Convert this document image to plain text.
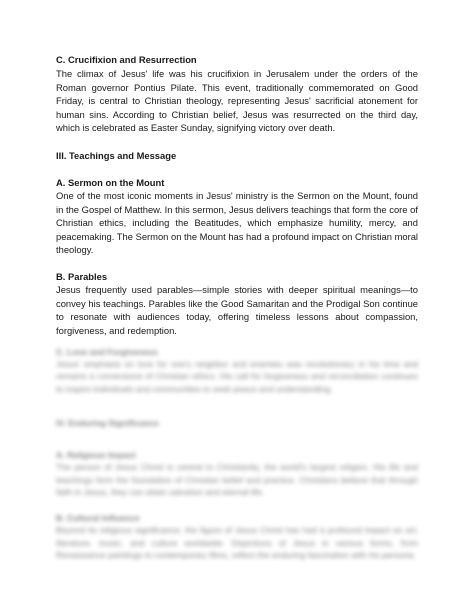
C. Crucifixion and Resurrection

The climax of Jesus' life was his crucifixion in Jerusalem under the orders of the Roman governor Pontius Pilate. This event, traditionally commemorated on Good Friday, is central to Christian theology, representing Jesus' sacrificial atonement for human sins. According to Christian belief, Jesus was resurrected on the third day, which is celebrated as Easter Sunday, signifying victory over death.

III. Teachings and Message

A. Sermon on the Mount

One of the most iconic moments in Jesus' ministry is the Sermon on the Mount, found in the Gospel of Matthew. In this sermon, Jesus delivers teachings that form the core of Christian ethics, including the Beatitudes, which emphasize humility, mercy, and peacemaking. The Sermon on the Mount has had a profound impact on Christian moral theology.

B. Parables

Jesus frequently used parables—simple stories with deeper spiritual meanings—to convey his teachings. Parables like the Good Samaritan and the Prodigal Son continue to resonate with audiences today, offering timeless lessons about compassion, forgiveness, and redemption.

C. Love and Forgiveness

Jesus' emphasis on love for one's neighbor and enemies was revolutionary in his time and remains a cornerstone of Christian ethics. His call for forgiveness and reconciliation continues to inspire individuals and communities to seek peace and understanding.

IV. Enduring Significance

A. Religious Impact

The person of Jesus Christ is central to Christianity, the world's largest religion. His life and teachings form the foundation of Christian belief and practice. Christians believe that through faith in Jesus, they can attain salvation and eternal life.

B. Cultural Influence

Beyond its religious significance, the figure of Jesus Christ has had a profound impact on art, literature, music, and culture worldwide. Depictions of Jesus in various forms, from Renaissance paintings to contemporary films, reflect the enduring fascination with his persona.
